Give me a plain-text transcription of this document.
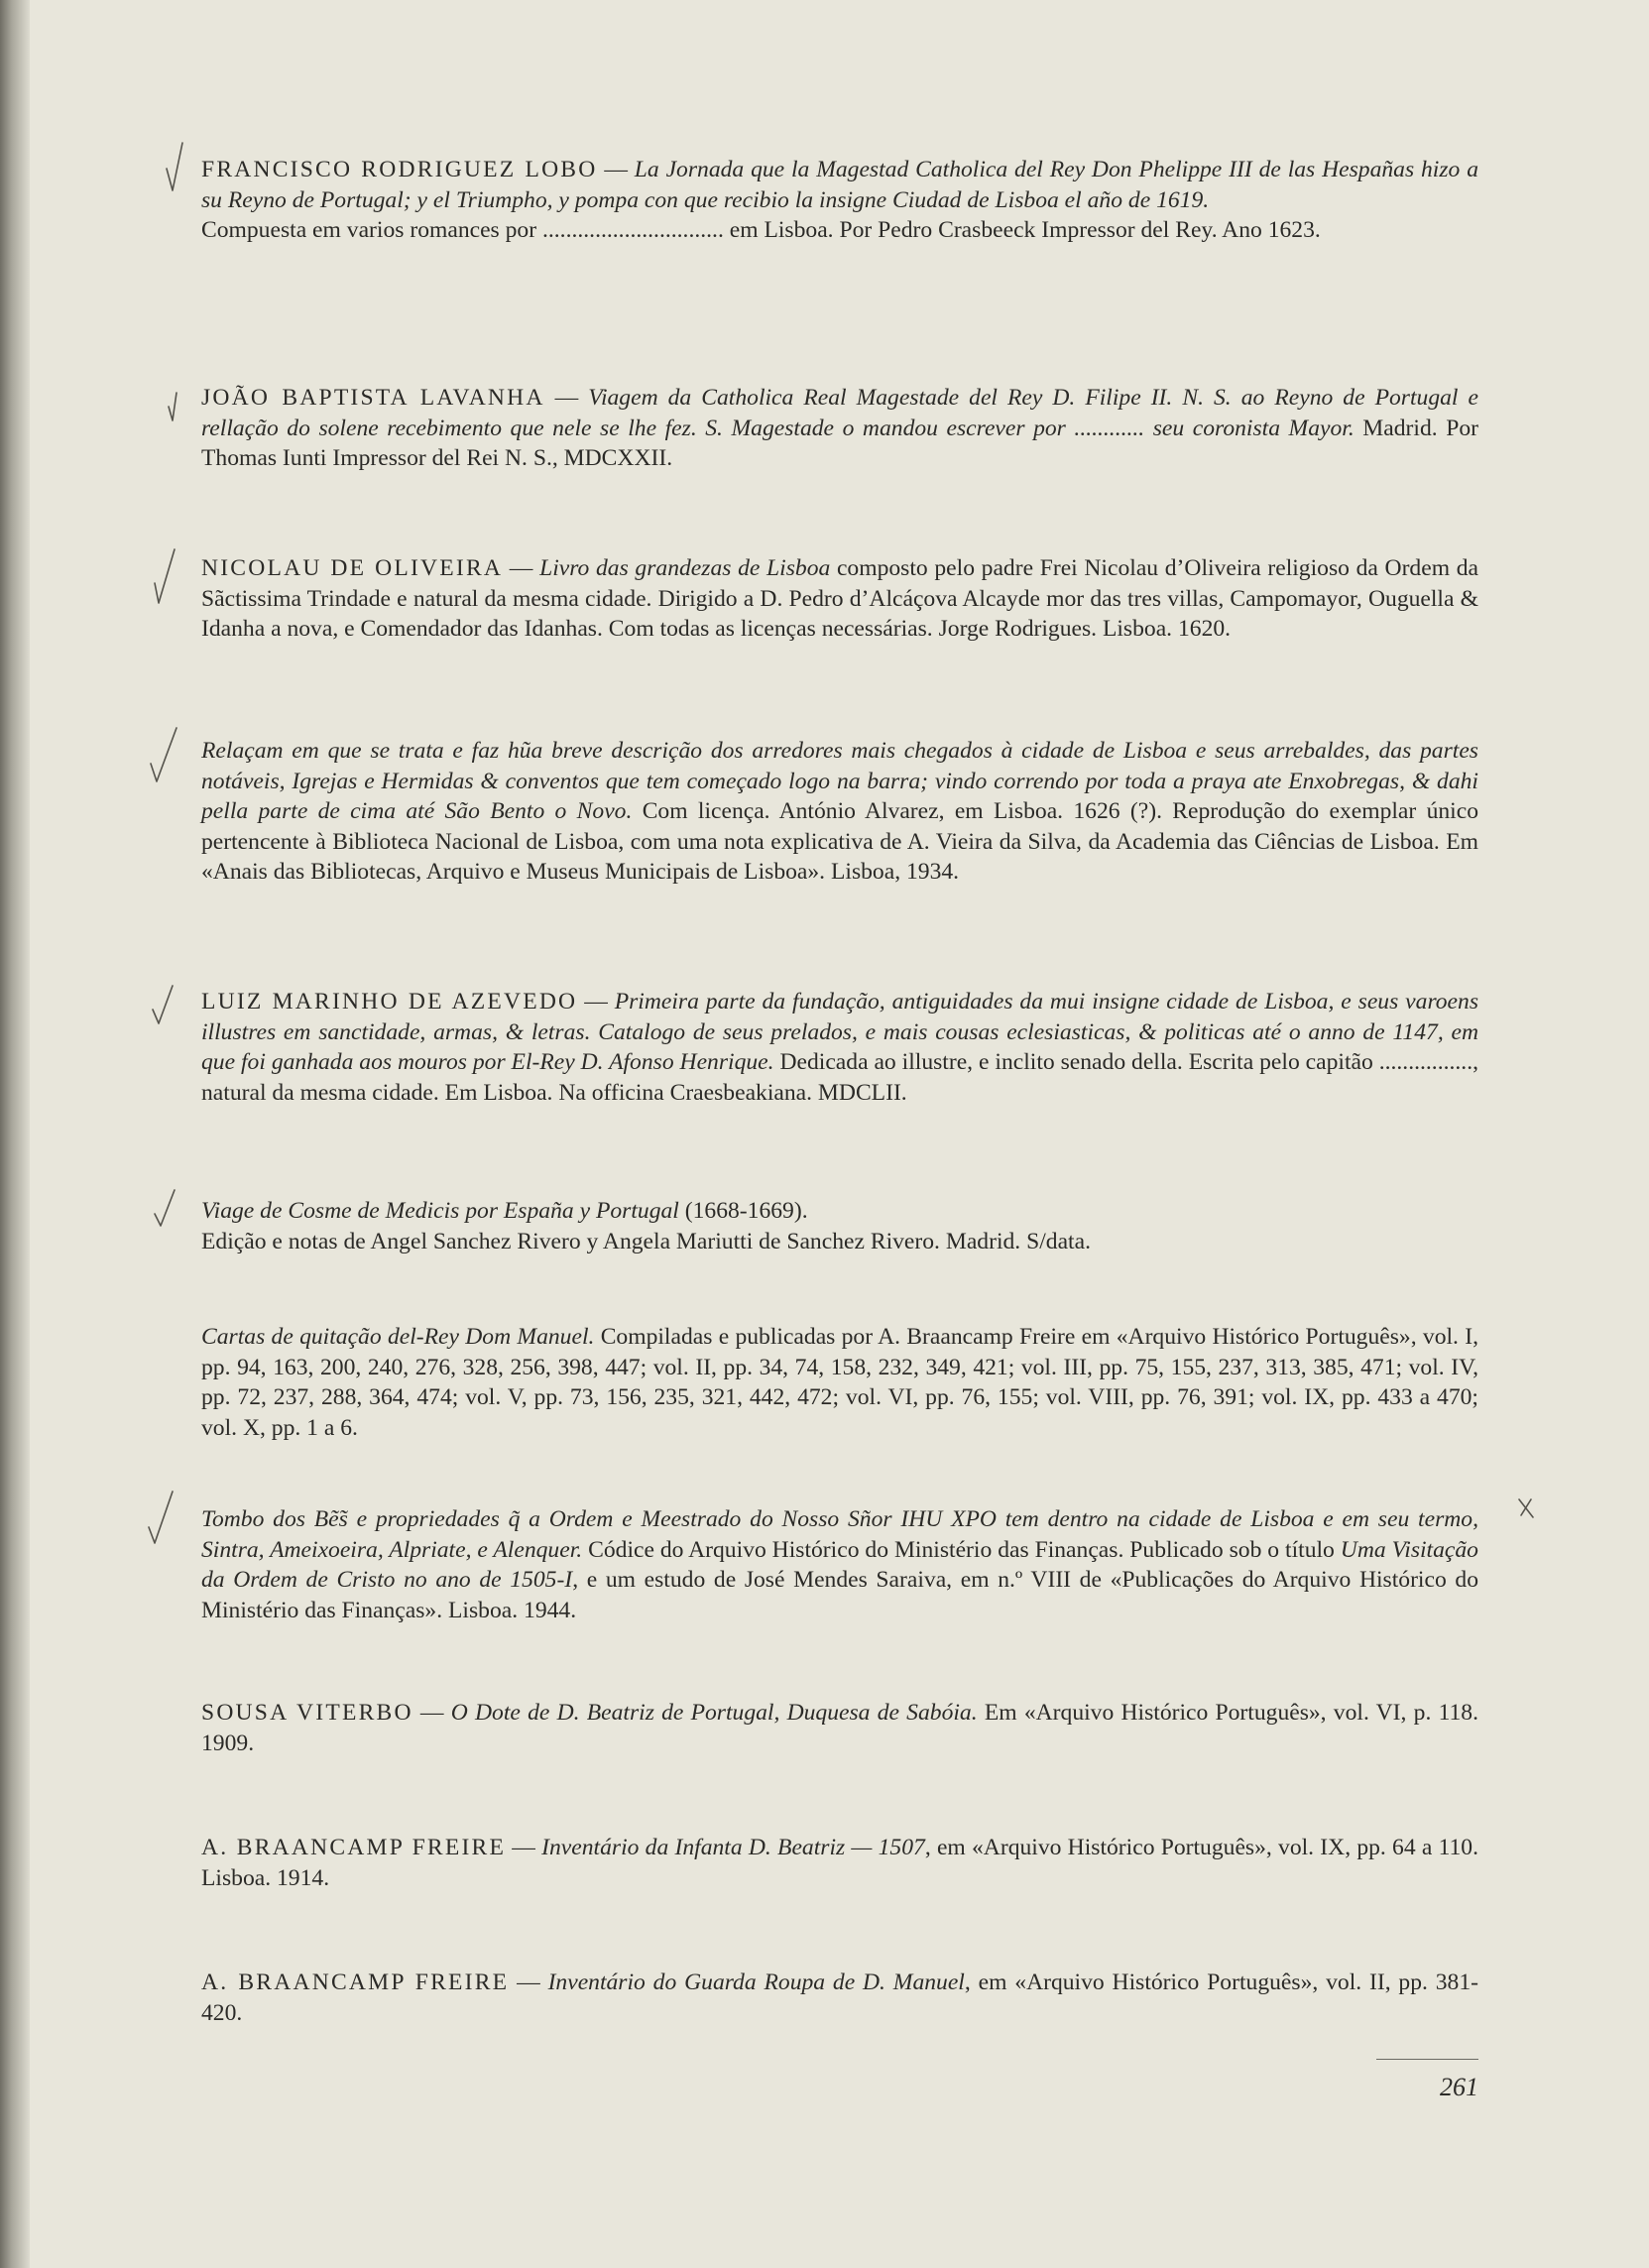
FRANCISCO RODRIGUEZ LOBO — La Jornada que la Magestad Catholica del Rey Don Phelippe III de las Hespañas hizo a su Reyno de Portugal; y el Triumpho, y pompa con que recibio la insigne Ciudad de Lisboa el año de 1619.
Compuesta em varios romances por ............................... em Lisboa. Por Pedro Crasbeeck Impressor del Rey. Ano 1623.
JOÃO BAPTISTA LAVANHA — Viagem da Catholica Real Magestade del Rey D. Filipe II. N. S. ao Reyno de Portugal e rellação do solene recebimento que nele se lhe fez. S. Magestade o mandou escrever por ............ seu coronista Mayor. Madrid. Por Thomas Iunti Impressor del Rei N. S., MDCXXII.
NICOLAU DE OLIVEIRA — Livro das grandezas de Lisboa composto pelo padre Frei Nicolau d’Oliveira religioso da Ordem da Sãctissima Trindade e natural da mesma cidade. Dirigido a D. Pedro d’Alcáçova Alcayde mor das tres villas, Campomayor, Ouguella & Idanha a nova, e Comendador das Idanhas. Com todas as licenças necessárias. Jorge Rodrigues. Lisboa. 1620.
Relaçam em que se trata e faz hũa breve descrição dos arredores mais chegados à cidade de Lisboa e seus arrebaldes, das partes notáveis, Igrejas e Hermidas & conventos que tem começado logo na barra; vindo correndo por toda a praya ate Enxobregas, & dahi pella parte de cima até São Bento o Novo. Com licença. António Alvarez, em Lisboa. 1626 (?). Reprodução do exemplar único pertencente à Biblioteca Nacional de Lisboa, com uma nota explicativa de A. Vieira da Silva, da Academia das Ciências de Lisboa. Em «Anais das Bibliotecas, Arquivo e Museus Municipais de Lisboa». Lisboa, 1934.
LUIZ MARINHO DE AZEVEDO — Primeira parte da fundação, antiguidades da mui insigne cidade de Lisboa, e seus varoens illustres em sanctidade, armas, & letras. Catalogo de seus prelados, e mais cousas eclesiasticas, & politicas até o anno de 1147, em que foi ganhada aos mouros por El-Rey D. Afonso Henrique. Dedicada ao illustre, e inclito senado della. Escrita pelo capitão ................, natural da mesma cidade. Em Lisboa. Na officina Craesbeakiana. MDCLII.
Viage de Cosme de Medicis por España y Portugal (1668-1669).
Edição e notas de Angel Sanchez Rivero y Angela Mariutti de Sanchez Rivero. Madrid. S/data.
Cartas de quitação del-Rey Dom Manuel. Compiladas e publicadas por A. Braancamp Freire em «Arquivo Histórico Português», vol. I, pp. 94, 163, 200, 240, 276, 328, 256, 398, 447; vol. II, pp. 34, 74, 158, 232, 349, 421; vol. III, pp. 75, 155, 237, 313, 385, 471; vol. IV, pp. 72, 237, 288, 364, 474; vol. V, pp. 73, 156, 235, 321, 442, 472; vol. VI, pp. 76, 155; vol. VIII, pp. 76, 391; vol. IX, pp. 433 a 470; vol. X, pp. 1 a 6.
Tombo dos Bẽ̃s e propriedades q̃ a Ordem e Meestrado do Nosso Sñor IHU XPO tem dentro na cidade de Lisboa e em seu termo, Sintra, Ameixoeira, Alpriate, e Alenquer. Códice do Arquivo Histórico do Ministério das Finanças. Publicado sob o título Uma Visitação da Ordem de Cristo no ano de 1505-I, e um estudo de José Mendes Saraiva, em n.º VIII de «Publicações do Arquivo Histórico do Ministério das Finanças». Lisboa. 1944.
SOUSA VITERBO — O Dote de D. Beatriz de Portugal, Duquesa de Sabóia. Em «Arquivo Histórico Português», vol. VI, p. 118. 1909.
A. BRAANCAMP FREIRE — Inventário da Infanta D. Beatriz — 1507, em «Arquivo Histórico Português», vol. IX, pp. 64 a 110. Lisboa. 1914.
A. BRAANCAMP FREIRE — Inventário do Guarda Roupa de D. Manuel, em «Arquivo Histórico Português», vol. II, pp. 381-420.
261
